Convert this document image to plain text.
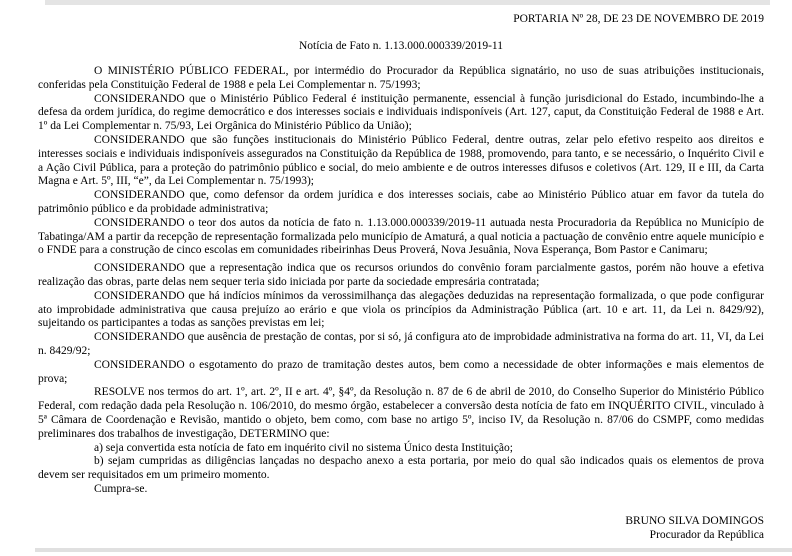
PORTARIA Nº 28, DE 23 DE NOVEMBRO DE 2019
Notícia de Fato n. 1.13.000.000339/2019-11

O MINISTÉRIO PÚBLICO FEDERAL, por intermédio do Procurador da República signatário, no uso de suas atribuições institucionais, conferidas pela Constituição Federal de 1988 e pela Lei Complementar n. 75/1993;

CONSIDERANDO que o Ministério Público Federal é instituição permanente, essencial à função jurisdicional do Estado, incumbindo-lhe a defesa da ordem jurídica, do regime democrático e dos interesses sociais e individuais indisponíveis (Art. 127, caput, da Constituição Federal de 1988 e Art. 1º da Lei Complementar n. 75/93, Lei Orgânica do Ministério Público da União);

CONSIDERANDO que são funções institucionais do Ministério Público Federal, dentre outras, zelar pelo efetivo respeito aos direitos e interesses sociais e individuais indisponíveis assegurados na Constituição da República de 1988, promovendo, para tanto, e se necessário, o Inquérito Civil e a Ação Civil Pública, para a proteção do patrimônio público e social, do meio ambiente e de outros interesses difusos e coletivos (Art. 129, II e III, da Carta Magna e Art. 5º, III, “e”, da Lei Complementar n. 75/1993);

CONSIDERANDO que, como defensor da ordem jurídica e dos interesses sociais, cabe ao Ministério Público atuar em favor da tutela do patrimônio público e da probidade administrativa;

CONSIDERANDO o teor dos autos da notícia de fato n. 1.13.000.000339/2019-11 autuada nesta Procuradoria da República no Município de Tabatinga/AM a partir da recepção de representação formalizada pelo município de Amaturá, a qual noticia a pactuação de convênio entre aquele município e o FNDE para a construção de cinco escolas em comunidades ribeirinhas Deus Proverá, Nova Jesuânia, Nova Esperança, Bom Pastor e Canimaru;

CONSIDERANDO que a representação indica que os recursos oriundos do convênio foram parcialmente gastos, porém não houve a efetiva realização das obras, parte delas nem sequer teria sido iniciada por parte da sociedade empresária contratada;

CONSIDERANDO que há indícios mínimos da verossimilhança das alegações deduzidas na representação formalizada, o que pode configurar ato improbidade administrativa que causa prejuízo ao erário e que viola os princípios da Administração Pública (art. 10 e art. 11, da Lei n. 8429/92), sujeitando os participantes a todas as sanções previstas em lei;

CONSIDERANDO que ausência de prestação de contas, por si só, já configura ato de improbidade administrativa na forma do art. 11, VI, da Lei n. 8429/92;

CONSIDERANDO o esgotamento do prazo de tramitação destes autos, bem como a necessidade de obter informações e mais elementos de prova;

RESOLVE nos termos do art. 1º, art. 2º, II e art. 4º, §4º, da Resolução n. 87 de 6 de abril de 2010, do Conselho Superior do Ministério Público Federal, com redação dada pela Resolução n. 106/2010, do mesmo órgão, estabelecer a conversão desta notícia de fato em INQUÉRITO CIVIL, vinculado à 5ª Câmara de Coordenação e Revisão, mantido o objeto, bem como, com base no artigo 5º, inciso IV, da Resolução n. 87/06 do CSMPF, como medidas preliminares dos trabalhos de investigação, DETERMINO que:

a) seja convertida esta notícia de fato em inquérito civil no sistema Único desta Instituição;

b) sejam cumpridas as diligências lançadas no despacho anexo a esta portaria, por meio do qual são indicados quais os elementos de prova devem ser requisitados em um primeiro momento.

Cumpra-se.

BRUNO SILVA DOMINGOS
Procurador da República
